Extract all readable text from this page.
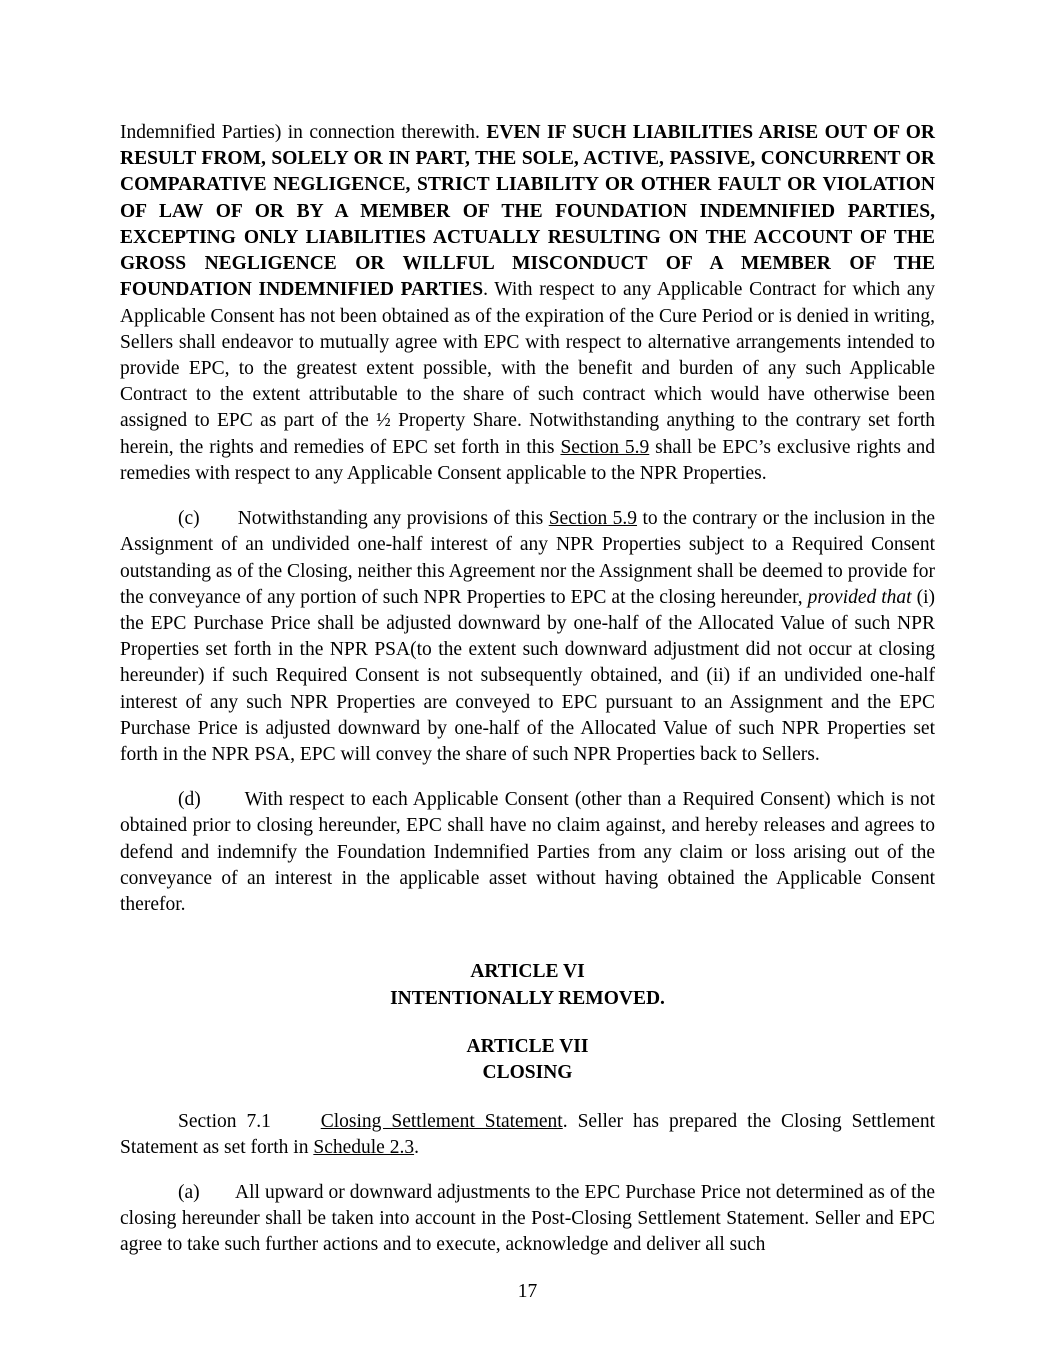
Indemnified Parties) in connection therewith. EVEN IF SUCH LIABILITIES ARISE OUT OF OR RESULT FROM, SOLELY OR IN PART, THE SOLE, ACTIVE, PASSIVE, CONCURRENT OR COMPARATIVE NEGLIGENCE, STRICT LIABILITY OR OTHER FAULT OR VIOLATION OF LAW OF OR BY A MEMBER OF THE FOUNDATION INDEMNIFIED PARTIES, EXCEPTING ONLY LIABILITIES ACTUALLY RESULTING ON THE ACCOUNT OF THE GROSS NEGLIGENCE OR WILLFUL MISCONDUCT OF A MEMBER OF THE FOUNDATION INDEMNIFIED PARTIES. With respect to any Applicable Contract for which any Applicable Consent has not been obtained as of the expiration of the Cure Period or is denied in writing, Sellers shall endeavor to mutually agree with EPC with respect to alternative arrangements intended to provide EPC, to the greatest extent possible, with the benefit and burden of any such Applicable Contract to the extent attributable to the share of such contract which would have otherwise been assigned to EPC as part of the ½ Property Share. Notwithstanding anything to the contrary set forth herein, the rights and remedies of EPC set forth in this Section 5.9 shall be EPC’s exclusive rights and remedies with respect to any Applicable Consent applicable to the NPR Properties.

(c) Notwithstanding any provisions of this Section 5.9 to the contrary or the inclusion in the Assignment of an undivided one-half interest of any NPR Properties subject to a Required Consent outstanding as of the Closing, neither this Agreement nor the Assignment shall be deemed to provide for the conveyance of any portion of such NPR Properties to EPC at the closing hereunder, provided that (i) the EPC Purchase Price shall be adjusted downward by one-half of the Allocated Value of such NPR Properties set forth in the NPR PSA(to the extent such downward adjustment did not occur at closing hereunder) if such Required Consent is not subsequently obtained, and (ii) if an undivided one-half interest of any such NPR Properties are conveyed to EPC pursuant to an Assignment and the EPC Purchase Price is adjusted downward by one-half of the Allocated Value of such NPR Properties set forth in the NPR PSA, EPC will convey the share of such NPR Properties back to Sellers.

(d) With respect to each Applicable Consent (other than a Required Consent) which is not obtained prior to closing hereunder, EPC shall have no claim against, and hereby releases and agrees to defend and indemnify the Foundation Indemnified Parties from any claim or loss arising out of the conveyance of an interest in the applicable asset without having obtained the Applicable Consent therefor.

ARTICLE VI

INTENTIONALLY REMOVED.

ARTICLE VII

CLOSING

Section 7.1	Closing Settlement Statement. Seller has prepared the Closing Settlement Statement as set forth in Schedule 2.3.

(a) All upward or downward adjustments to the EPC Purchase Price not determined as of the closing hereunder shall be taken into account in the Post-Closing Settlement Statement. Seller and EPC agree to take such further actions and to execute, acknowledge and deliver all such

17
